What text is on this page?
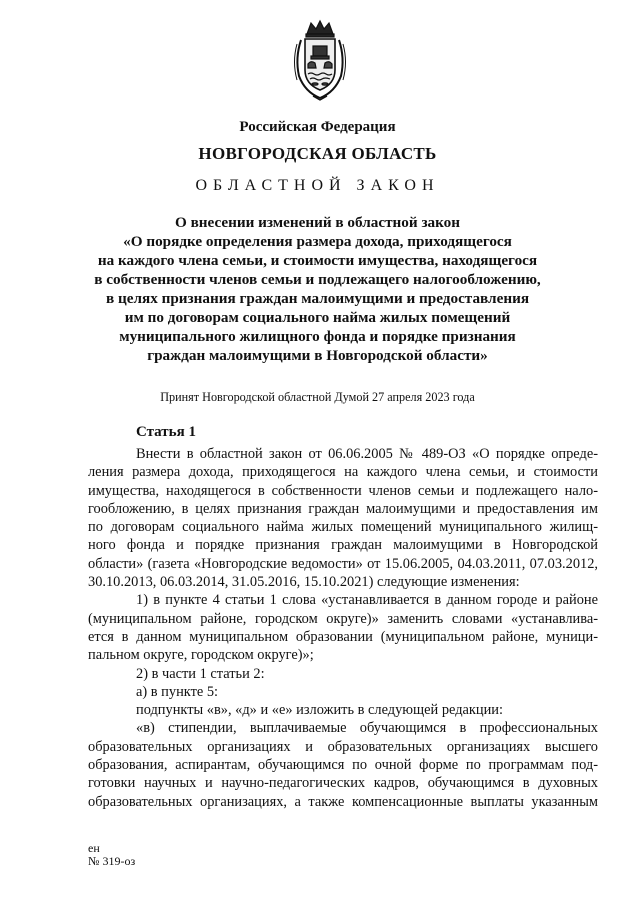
Российская Федерация
НОВГОРОДСКАЯ ОБЛАСТЬ
ОБЛАСТНОЙ ЗАКОН
О внесении изменений в областной закон
«О порядке определения размера дохода, приходящегося
на каждого члена семьи, и стоимости имущества, находящегося
в собственности членов семьи и подлежащего налогообложению,
в целях признания граждан малоимущими и предоставления
им по договорам социального найма жилых помещений
муниципального жилищного фонда и порядке признания
граждан малоимущими в Новгородской области»
Принят Новгородской областной Думой 27 апреля 2023 года
Статья 1
Внести в областной закон от 06.06.2005 № 489-ОЗ «О порядке опреде-
ления размера дохода, приходящегося на каждого члена семьи, и стоимости
имущества, находящегося в собственности членов семьи и подлежащего нало-
гообложению, в целях признания граждан малоимущими и предоставления им
по договорам социального найма жилых помещений муниципального жилищ-
ного фонда и порядке признания граждан малоимущими в Новгородской
области» (газета «Новгородские ведомости» от 15.06.2005, 04.03.2011, 07.03.2012,
30.10.2013, 06.03.2014, 31.05.2016, 15.10.2021) следующие изменения:
1) в пункте 4 статьи 1 слова «устанавливается в данном городе и районе
(муниципальном районе, городском округе)» заменить словами «устанавлива-
ется в данном муниципальном образовании (муниципальном районе, муници-
пальном округе, городском округе)»;
2) в части 1 статьи 2:
а) в пункте 5:
подпункты «в», «д» и «е» изложить в следующей редакции:
«в) стипендии, выплачиваемые обучающимся в профессиональных
образовательных организациях и образовательных организациях высшего
образования, аспирантам, обучающимся по очной форме по программам под-
готовки научных и научно-педагогических кадров, обучающимся в духовных
образовательных организациях, а также компенсационные выплаты указанным
ен
№ 319-оз
